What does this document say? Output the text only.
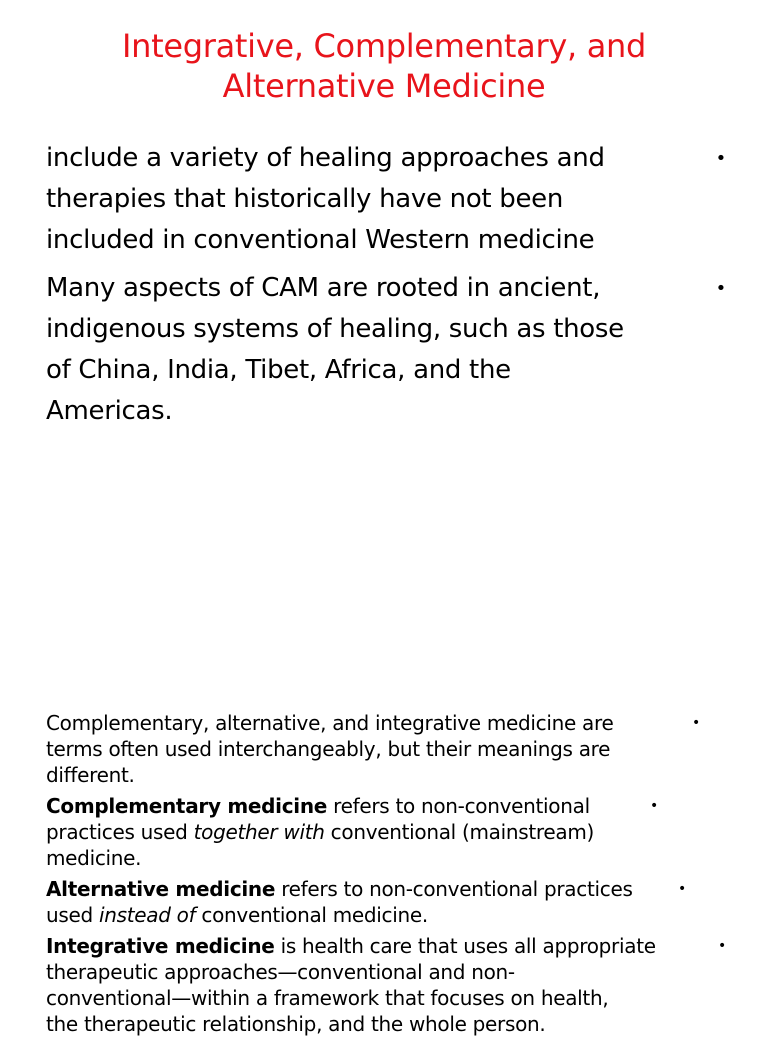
Integrative, Complementary, and
Alternative Medicine
include a variety of healing approaches and
therapies that historically have not been
included in conventional Western medicine
•
Many aspects of CAM are rooted in ancient,
indigenous systems of healing, such as those
of China, India, Tibet, Africa, and the
Americas.
•
Complementary, alternative, and integrative medicine are
terms often used interchangeably, but their meanings are
different.
•
Complementary medicine refers to non-conventional
practices used together with conventional (mainstream)
medicine.
•
Alternative medicine refers to non-conventional practices
used instead of conventional medicine.
•
Integrative medicine is health care that uses all appropriate
therapeutic approaches—conventional and non-
conventional—within a framework that focuses on health,
the therapeutic relationship, and the whole person.
•
